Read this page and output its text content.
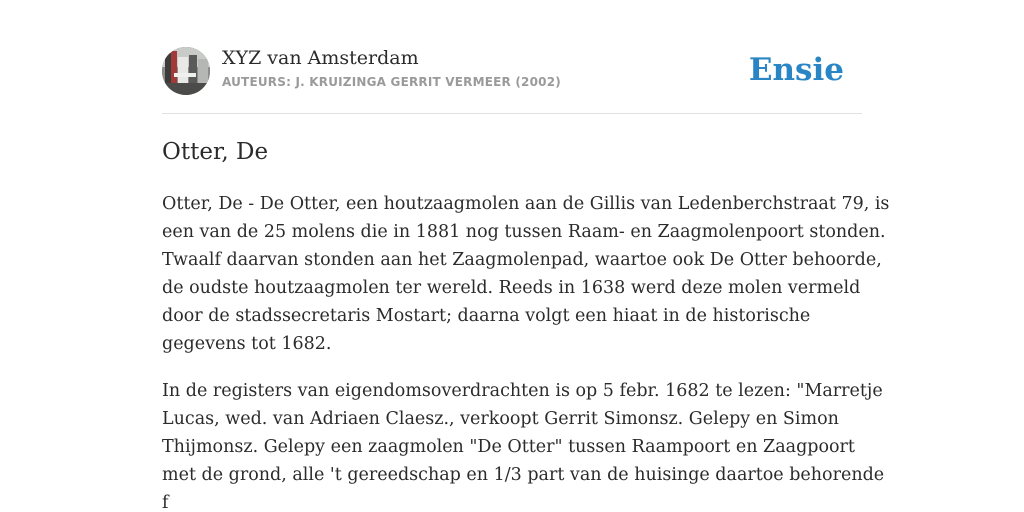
XYZ van Amsterdam
AUTEURS: J. KRUIZINGA GERRIT VERMEER (2002)	Ensie
Otter, De

Otter, De - De Otter, een houtzaagmolen aan de Gillis van Ledenberchstraat 79, is
een van de 25 molens die in 1881 nog tussen Raam- en Zaagmolenpoort stonden.
Twaalf daarvan stonden aan het Zaagmolenpad, waartoe ook De Otter behoorde,
de oudste houtzaagmolen ter wereld. Reeds in 1638 werd deze molen vermeld
door de stadssecretaris Mostart; daarna volgt een hiaat in de historische
gegevens tot 1682.

In de registers van eigendomsoverdrachten is op 5 febr. 1682 te lezen: "Marretje
Lucas, wed. van Adriaen Claesz., verkoopt Gerrit Simonsz. Gelepy en Simon
Thijmonsz. Gelepy een zaagmolen "De Otter" tussen Raampoort en Zaagpoort
met de grond, alle 't gereedschap en 1/3 part van de huisinge daartoe behorende
f
